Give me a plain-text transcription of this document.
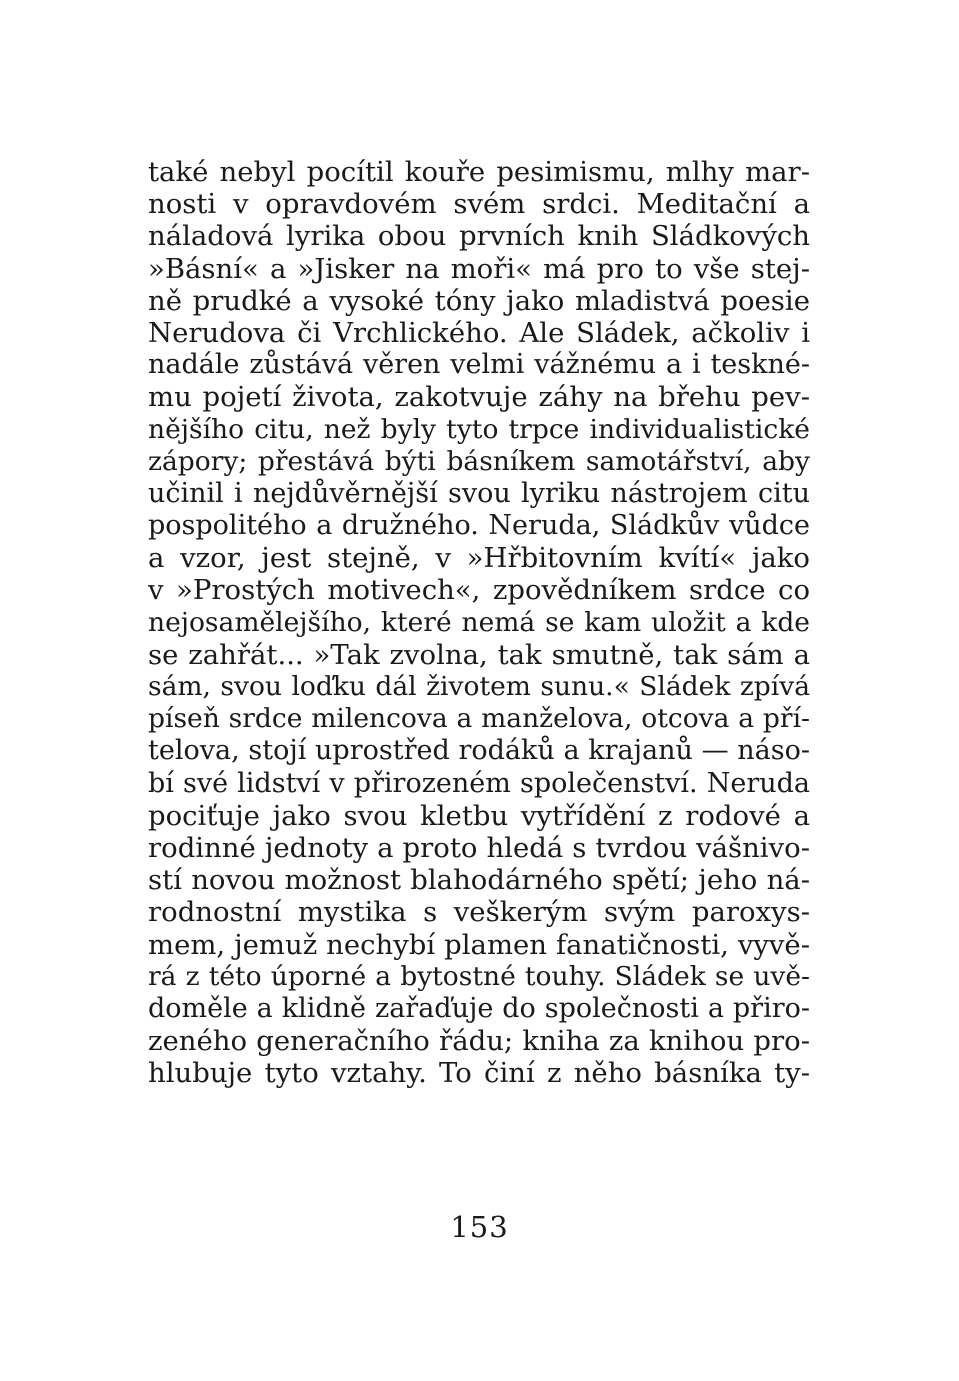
také nebyl pocítil kouře pesimismu, mlhy mar-
nosti v opravdovém svém srdci. Meditační a
náladová lyrika obou prvních knih Sládkových
»Básní« a »Jisker na moři« má pro to vše stej-
ně prudké a vysoké tóny jako mladistvá poesie
Nerudova či Vrchlického. Ale Sládek, ačkoliv i
nadále zůstává věren velmi vážnému a i teskné-
mu pojetí života, zakotvuje záhy na břehu pev-
nějšího citu, než byly tyto trpce individualistické
zápory; přestává býti básníkem samotářství, aby
učinil i nejdůvěrnější svou lyriku nástrojem citu
pospolitého a družného. Neruda, Sládkův vůdce
a vzor, jest stejně, v »Hřbitovním kvítí« jako
v »Prostých motivech«, zpovědníkem srdce co
nejosamělejšího, které nemá se kam uložit a kde
se zahřát... »Tak zvolna, tak smutně, tak sám a
sám, svou loďku dál životem sunu.« Sládek zpívá
píseň srdce milencova a manželova, otcova a pří-
telova, stojí uprostřed rodáků a krajanů — náso-
bí své lidství v přirozeném společenství. Neruda
pociťuje jako svou kletbu vytřídění z rodové a
rodinné jednoty a proto hledá s tvrdou vášnivo-
stí novou možnost blahodárného spětí; jeho ná-
rodnostní mystika s veškerým svým paroxys-
mem, jemuž nechybí plamen fanatičnosti, vyvě-
rá z této úporné a bytostné touhy. Sládek se uvě-
doměle a klidně zařaďuje do společnosti a přiro-
zeného generačního řádu; kniha za knihou pro-
hlubuje tyto vztahy. To činí z něho básníka ty-
153
